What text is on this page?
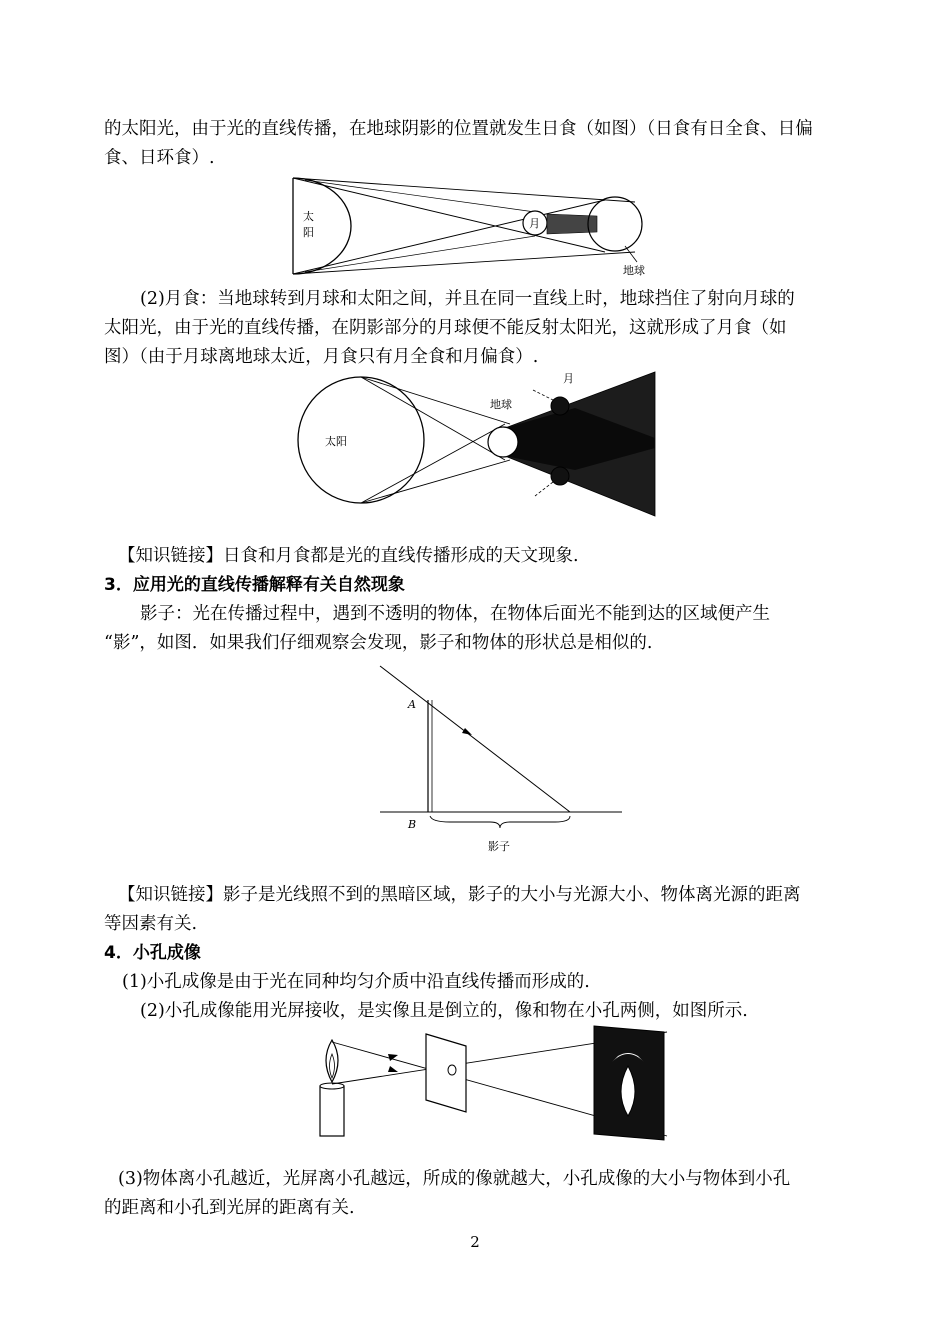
的太阳光，由于光的直线传播，在地球阴影的位置就发生日食（如图）（日食有日全食、日偏
食、日环食）.
太
阳
月
地球
(2)月食：当地球转到月球和太阳之间，并且在同一直线上时，地球挡住了射向月球的
太阳光，由于光的直线传播，在阴影部分的月球便不能反射太阳光，这就形成了月食（如
图）（由于月球离地球太近，月食只有月全食和月偏食）.
太阳
地球
月
【知识链接】日食和月食都是光的直线传播形成的天文现象.
3．应用光的直线传播解释有关自然现象
影子：光在传播过程中，遇到不透明的物体，在物体后面光不能到达的区域便产生
“影”，如图．如果我们仔细观察会发现，影子和物体的形状总是相似的.
A
B
影子
【知识链接】影子是光线照不到的黑暗区域，影子的大小与光源大小、物体离光源的距离
等因素有关.
4．小孔成像
(1)小孔成像是由于光在同种均匀介质中沿直线传播而形成的.
(2)小孔成像能用光屏接收，是实像且是倒立的，像和物在小孔两侧，如图所示.
(3)物体离小孔越近，光屏离小孔越远，所成的像就越大，小孔成像的大小与物体到小孔
的距离和小孔到光屏的距离有关.
2
